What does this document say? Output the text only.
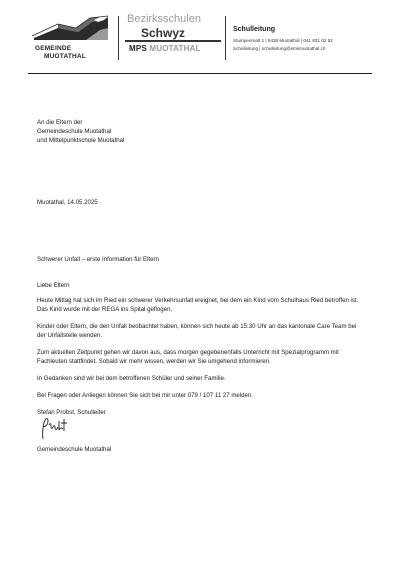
GEMEINDE
MUOTATHAL
Bezirksschulen
Schwyz
MPS MUOTATHAL
Schulleitung
Stumpenmatt 1 | 6436 Muotathal | 041 831 02 52
Schulleitung | schulleitung@smsmuotathal.ch
An die Eltern der
Gemeindeschule Muotathal
und Mittelpunktschule Muotathal
Muotathal, 14.05.2025
Schwerer Unfall – erste Information für Eltern
Liebe Eltern
Heute Mittag hat sich im Ried ein schwerer Verkehrsunfall ereignet, bei dem ein Kind vom Schulhaus Ried betroffen ist. Das Kind wurde mit der REGA ins Spital geflogen.
Kinder oder Eltern, die den Unfall beobachtet haben, können sich heute ab 15:30 Uhr an das kantonale Care Team bei der Unfallstelle wenden.
Zum aktuellen Zeitpunkt gehen wir davon aus, dass morgen gegebenenfalls Unterricht mit Spezialprogramm mit Fachleuten stattfindet. Sobald wir mehr wissen, werden wir Sie umgehend informieren.
In Gedanken sind wir bei dem betroffenen Schüler und seiner Familie.
Bei Fragen oder Anliegen können Sie sich bei mir unter 079 / 107 11 27 melden.
Stefan Probst, Schulleiter
Gemeindeschule Muotathal
